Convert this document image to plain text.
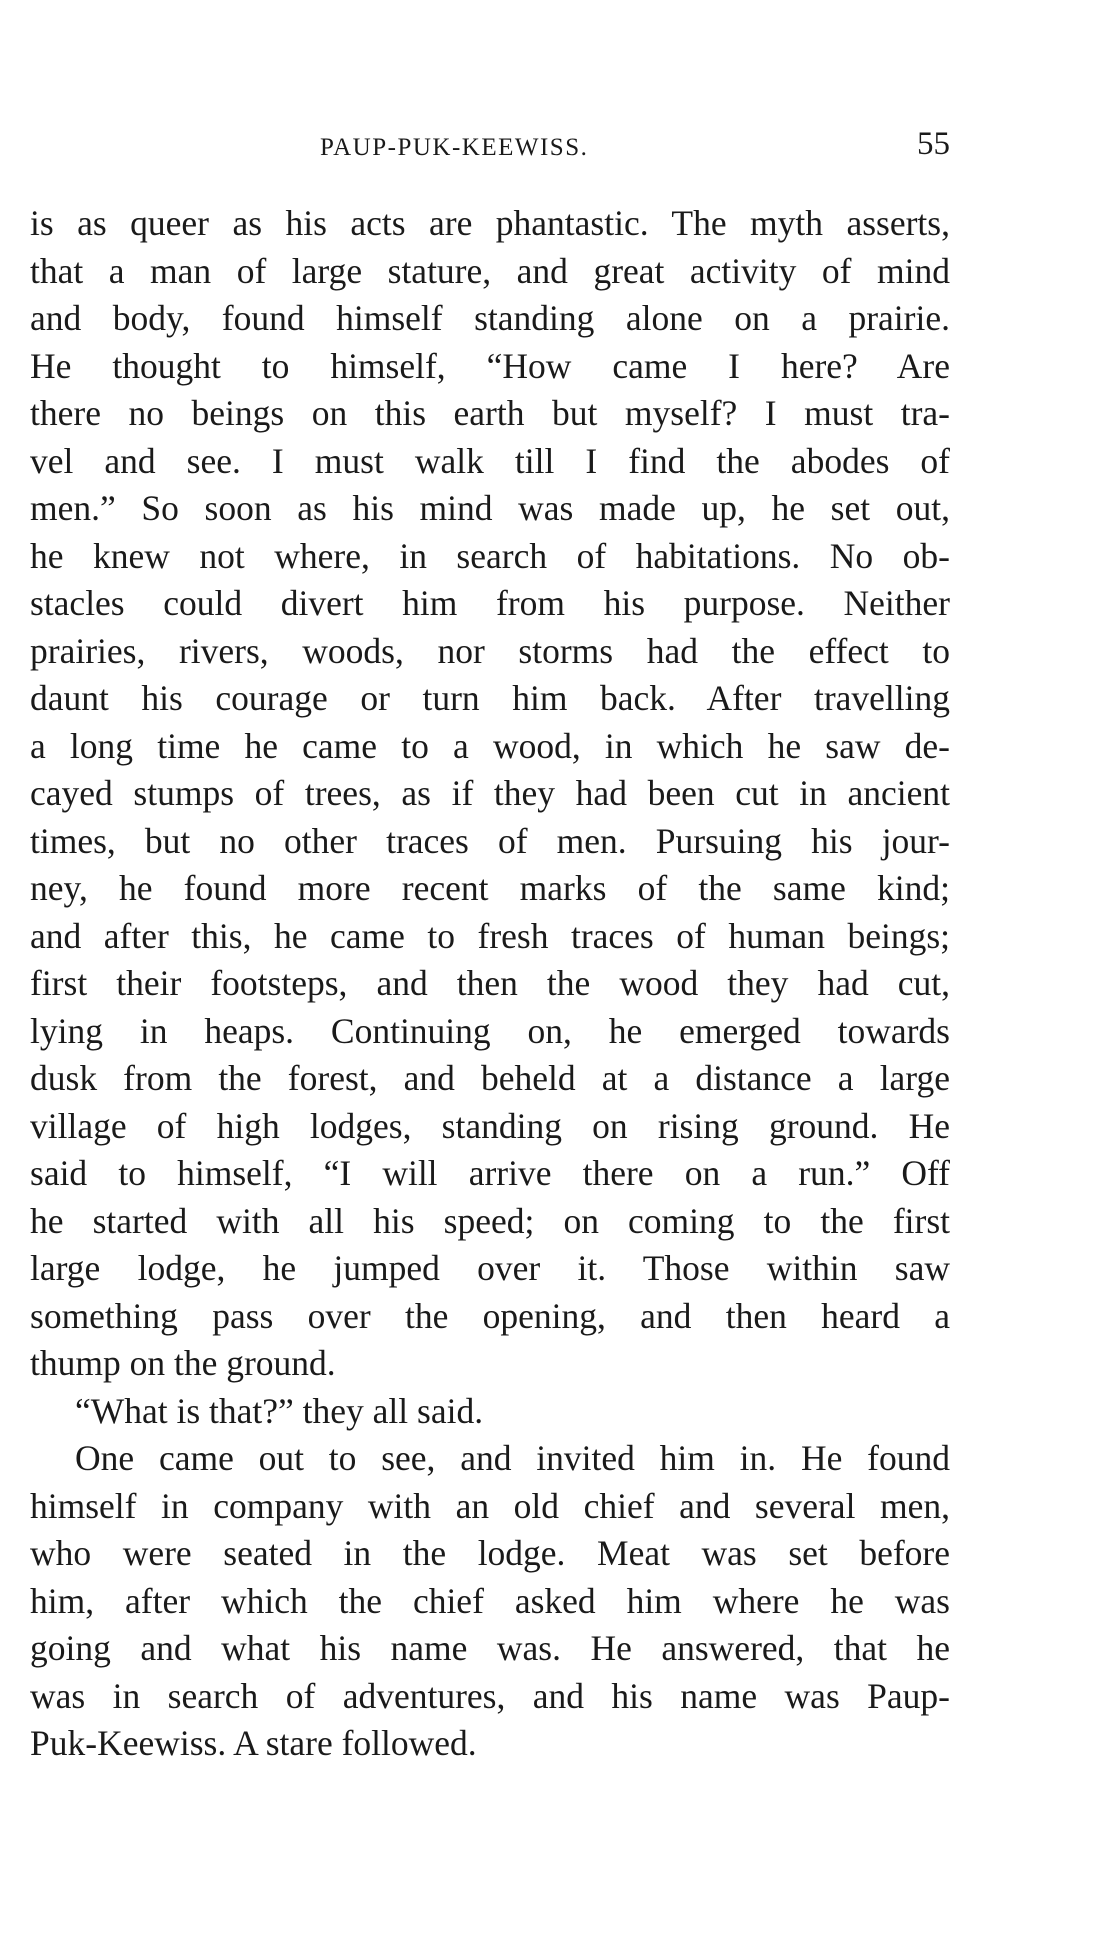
PAUP-PUK-KEEWISS.	55
is as queer as his acts are phantastic. The myth asserts,
that a man of large stature, and great activity of mind
and body, found himself standing alone on a prairie.
He thought to himself, “How came I here? Are
there no beings on this earth but myself? I must tra-
vel and see. I must walk till I find the abodes of
men.” So soon as his mind was made up, he set out,
he knew not where, in search of habitations. No ob-
stacles could divert him from his purpose. Neither
prairies, rivers, woods, nor storms had the effect to
daunt his courage or turn him back. After travelling
a long time he came to a wood, in which he saw de-
cayed stumps of trees, as if they had been cut in ancient
times, but no other traces of men. Pursuing his jour-
ney, he found more recent marks of the same kind;
and after this, he came to fresh traces of human beings;
first their footsteps, and then the wood they had cut,
lying in heaps. Continuing on, he emerged towards
dusk from the forest, and beheld at a distance a large
village of high lodges, standing on rising ground. He
said to himself, “I will arrive there on a run.” Off
he started with all his speed; on coming to the first
large lodge, he jumped over it. Those within saw
something pass over the opening, and then heard a
thump on the ground.
“What is that?” they all said.
One came out to see, and invited him in. He found
himself in company with an old chief and several men,
who were seated in the lodge. Meat was set before
him, after which the chief asked him where he was
going and what his name was. He answered, that he
was in search of adventures, and his name was Paup-
Puk-Keewiss. A stare followed.
